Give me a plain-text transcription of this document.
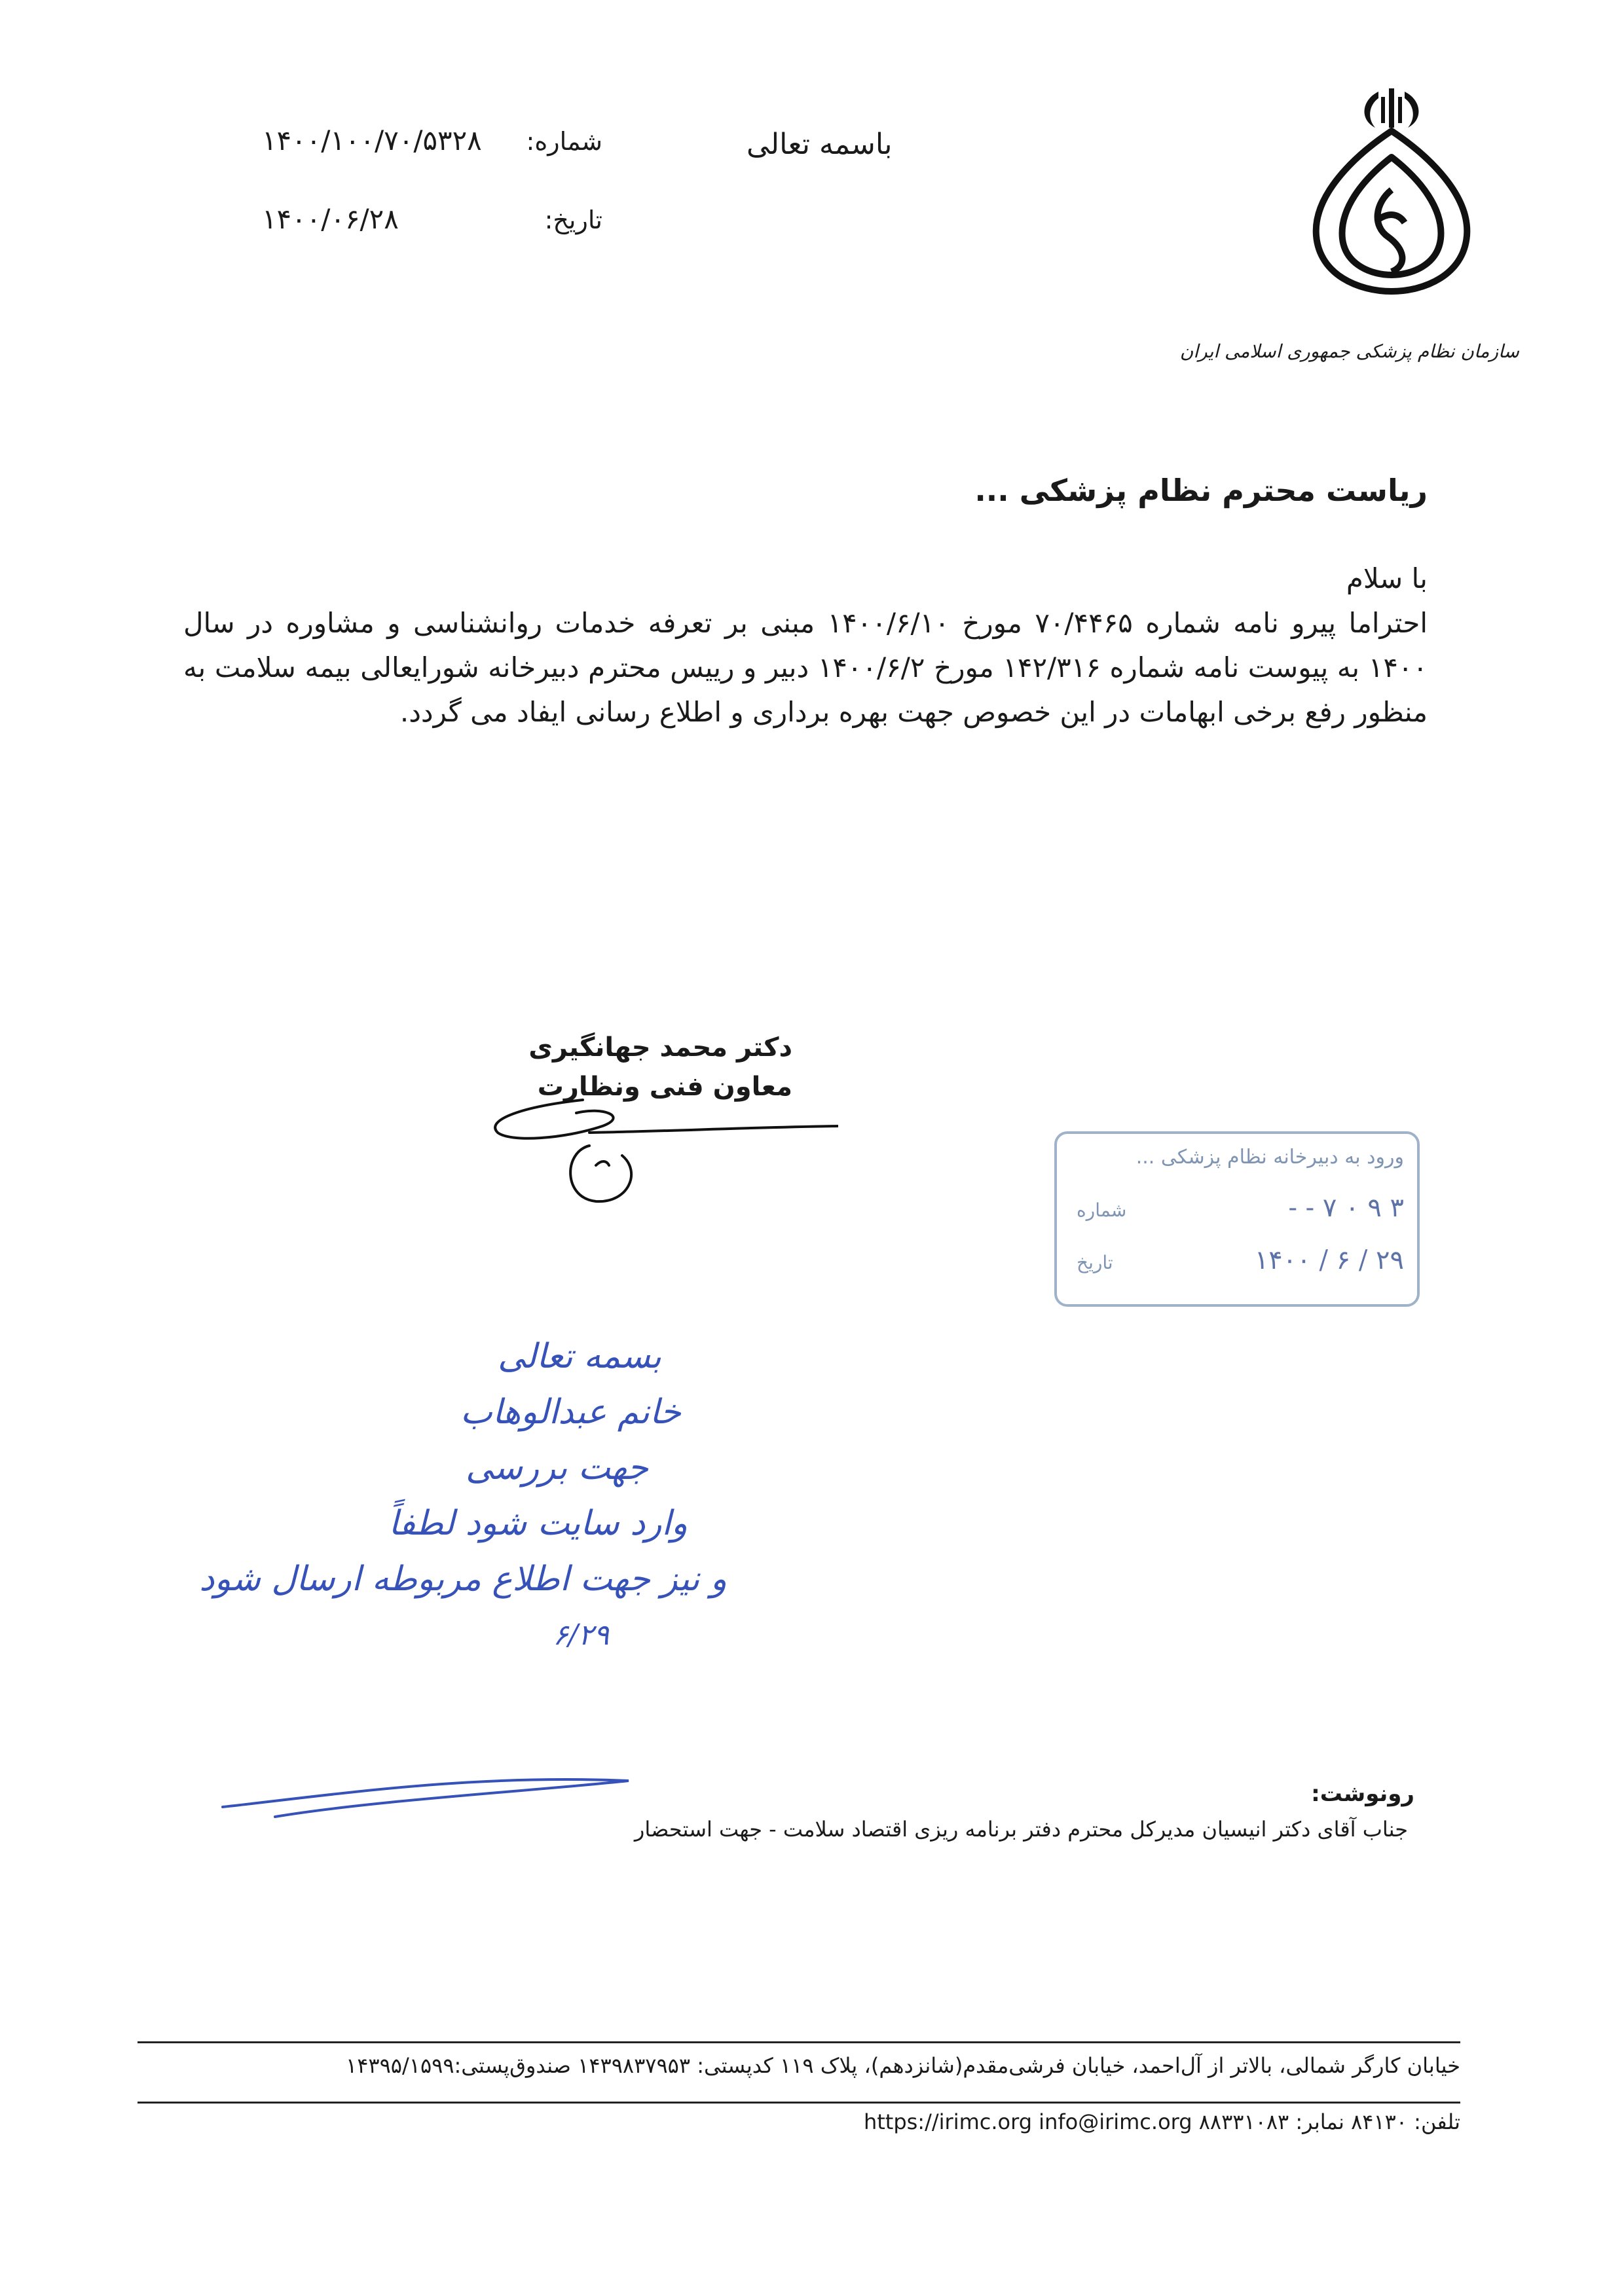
باسمه تعالی
شماره:
۱۴۰۰/۱۰۰/۷۰/۵۳۲۸
تاریخ:
۱۴۰۰/۰۶/۲۸
سازمان نظام پزشکی جمهوری اسلامی ایران
ریاست محترم نظام پزشکی ...

با سلام

احتراما پیرو نامه شماره ۷۰/۴۴۶۵ مورخ ۱۴۰۰/۶/۱۰ مبنی بر تعرفه خدمات روانشناسی و مشاوره در سال ۱۴۰۰ به پیوست نامه شماره ۱۴۲/۳۱۶ مورخ ۱۴۰۰/۶/۲ دبیر و رییس محترم دبیرخانه شورایعالی بیمه سلامت به منظور رفع برخی ابهامات در این خصوص جهت بهره برداری و اطلاع رسانی ایفاد می گردد.

دکتر محمد جهانگیری
معاون فنی ونظارت
ورود به دبیرخانه نظام پزشکی ...
- - ۷ ۰ ۹ ۳
شماره
۱۴۰۰ / ۶ / ۲۹
تاریخ
بسمه تعالی
خانم عبدالوهاب
جهت بررسی
وارد سایت شود لطفاً
و نیز جهت اطلاع مربوطه ارسال شود
۶/۲۹
رونوشت:
جناب آقای دکتر انیسیان مدیرکل محترم دفتر برنامه ریزی اقتصاد سلامت - جهت استحضار
خیابان کارگر شمالی، بالاتر از آل‌احمد، خیابان فرشی‌مقدم(شانزدهم)، پلاک ۱۱۹ کدپستی: ۱۴۳۹۸۳۷۹۵۳ صندوق‌پستی:۱۴۳۹۵/۱۵۹۹
تلفن: ۸۴۱۳۰ نمابر: ۸۸۳۳۱۰۸۳ https://irimc.org info@irimc.org
